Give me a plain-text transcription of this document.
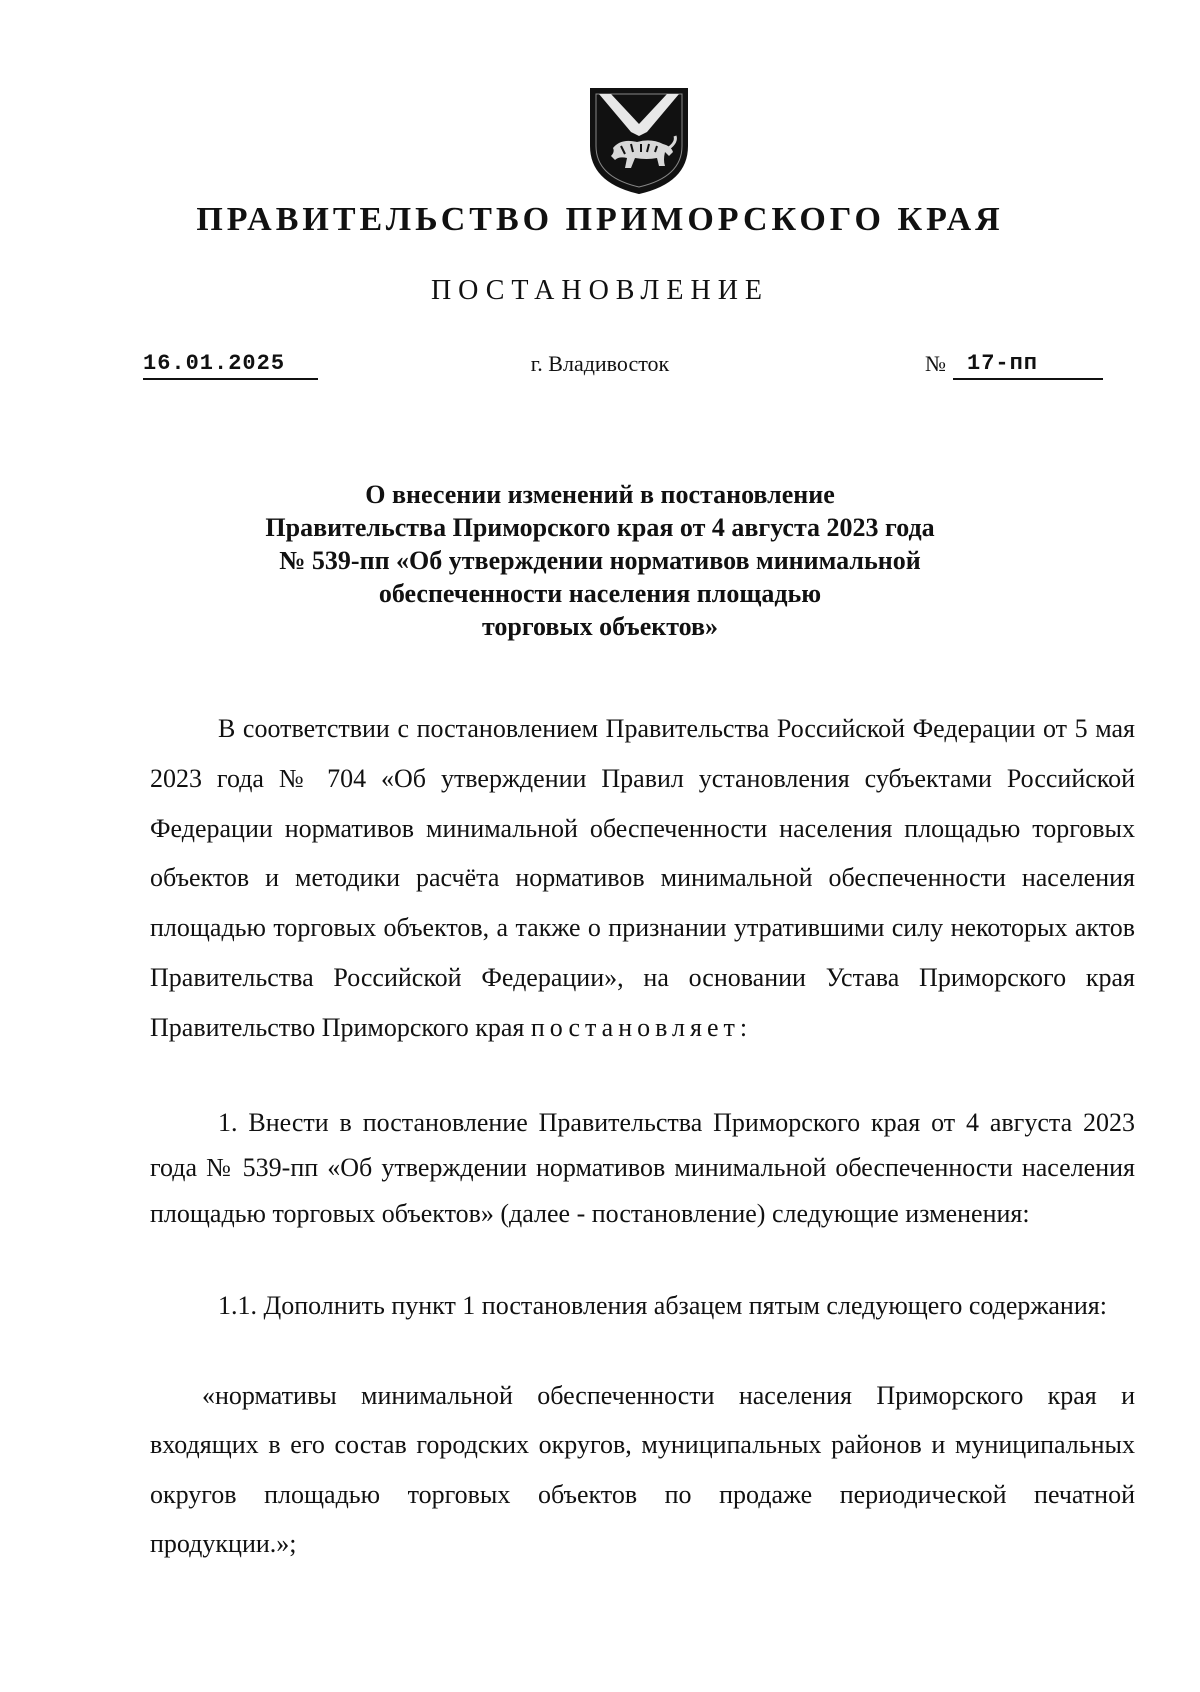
ПРАВИТЕЛЬСТВО ПРИМОРСКОГО КРАЯ
ПОСТАНОВЛЕНИЕ
16.01.2025	г. Владивосток	№ 17-пп
О внесении изменений в постановление
Правительства Приморского края от 4 августа 2023 года
№ 539-пп «Об утверждении нормативов минимальной
обеспеченности населения площадью
торговых объектов»
В соответствии с постановлением Правительства Российской Федерации от 5 мая 2023 года № 704 «Об утверждении Правил установления субъектами Российской Федерации нормативов минимальной обеспеченности населения площадью торговых объектов и методики расчёта нормативов минимальной обеспеченности населения площадью торговых объектов, а также о признании утратившими силу некоторых актов Правительства Российской Федерации», на основании Устава Приморского края Правительство Приморского края постановляет:
1. Внести в постановление Правительства Приморского края от 4 августа 2023 года № 539-пп «Об утверждении нормативов минимальной обеспеченности населения площадью торговых объектов» (далее - постановление) следующие изменения:
1.1. Дополнить пункт 1 постановления абзацем пятым следующего содержания:
«нормативы минимальной обеспеченности населения Приморского края и входящих в его состав городских округов, муниципальных районов и муниципальных округов площадью торговых объектов по продаже периодической печатной продукции.»;
